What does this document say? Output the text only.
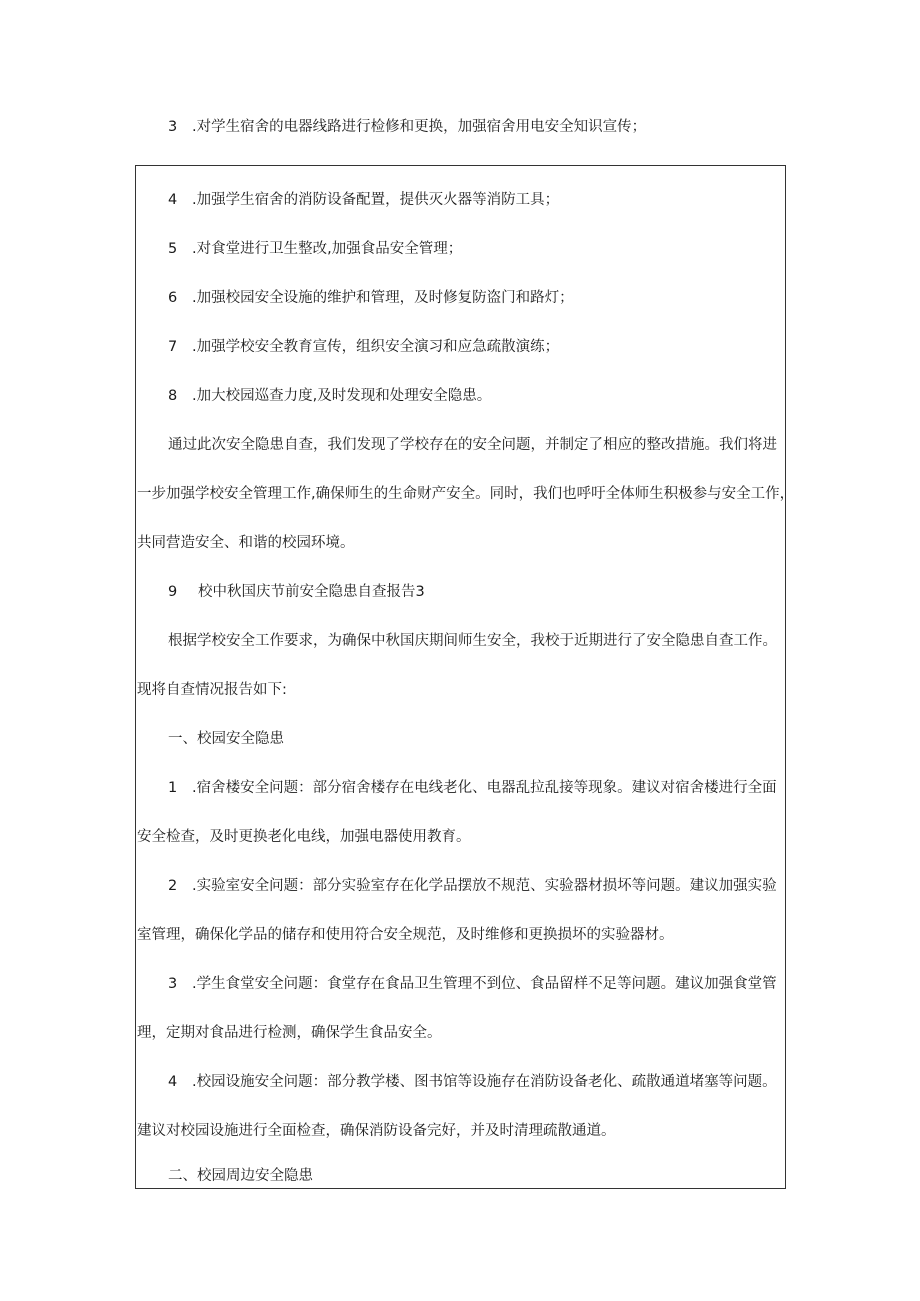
3 .对学生宿舍的电器线路进行检修和更换，加强宿舍用电安全知识宣传；
4 .加强学生宿舍的消防设备配置，提供灭火器等消防工具；
5 .对食堂进行卫生整改,加强食品安全管理；
6 .加强校园安全设施的维护和管理，及时修复防盗门和路灯；
7 .加强学校安全教育宣传，组织安全演习和应急疏散演练；
8 .加大校园巡查力度,及时发现和处理安全隐患。
通过此次安全隐患自查，我们发现了学校存在的安全问题，并制定了相应的整改措施。我们将进
一步加强学校安全管理工作,确保师生的生命财产安全。同时，我们也呼吁全体师生积极参与安全工作，
共同营造安全、和谐的校园环境。
9 校中秋国庆节前安全隐患自查报告3
根据学校安全工作要求，为确保中秋国庆期间师生安全，我校于近期进行了安全隐患自查工作。
现将自查情况报告如下:
一、校园安全隐患
1 .宿舍楼安全问题：部分宿舍楼存在电线老化、电器乱拉乱接等现象。建议对宿舍楼进行全面
安全检查，及时更换老化电线，加强电器使用教育。
2 .实验室安全问题：部分实验室存在化学品摆放不规范、实验器材损坏等问题。建议加强实验
室管理，确保化学品的储存和使用符合安全规范，及时维修和更换损坏的实验器材。
3 .学生食堂安全问题：食堂存在食品卫生管理不到位、食品留样不足等问题。建议加强食堂管
理，定期对食品进行检测，确保学生食品安全。
4 .校园设施安全问题：部分教学楼、图书馆等设施存在消防设备老化、疏散通道堵塞等问题。
建议对校园设施进行全面检查，确保消防设备完好，并及时清理疏散通道。
二、校园周边安全隐患
